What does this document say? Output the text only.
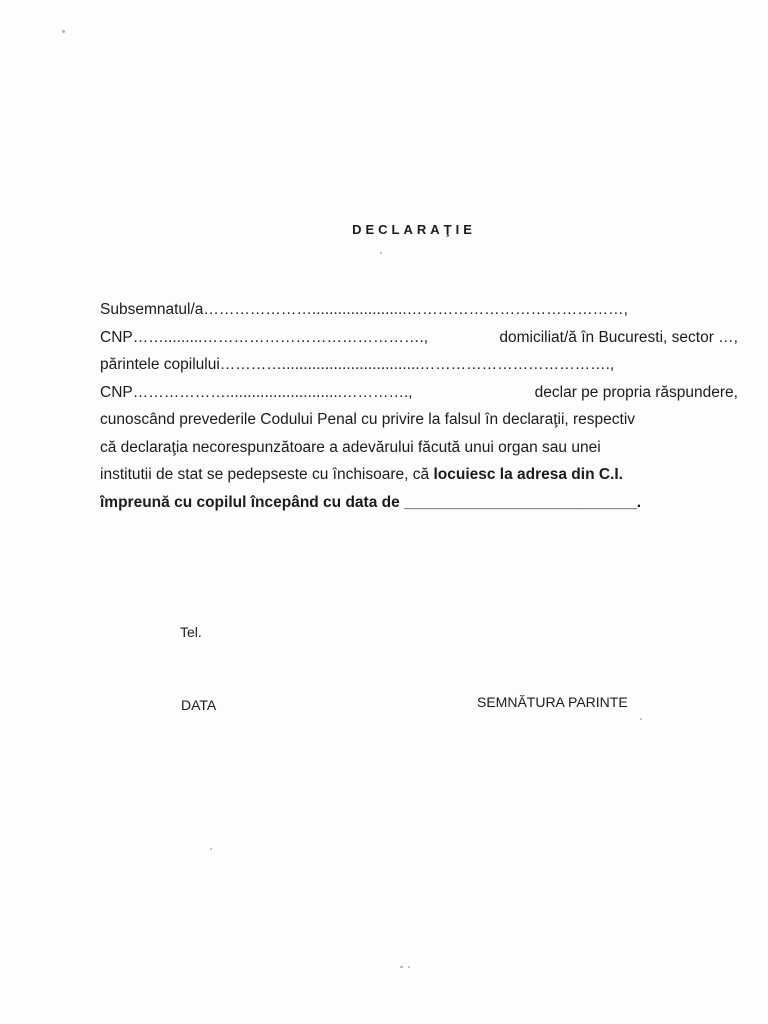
DECLARAŢIE
Subsemnatul/a…………………......................……………………………………,
CNP…….........…………………………………….,	domiciliat/ă în Bucuresti, sector …,
părintele copilului…………................................……………………………….,
CNP………………...........................………….,	declar pe propria răspundere,
cunoscând prevederile Codului Penal cu privire la falsul în declaraţii, respectiv
că declaraţia necorespunzătoare a adevărului făcută unui organ sau unei
institutii de stat se pedepseste cu închisoare, că locuiesc la adresa din C.I.
împreună cu copilul începând cu data de ___________________________.
Tel.
DATA	SEMNĂTURA PARINTE
